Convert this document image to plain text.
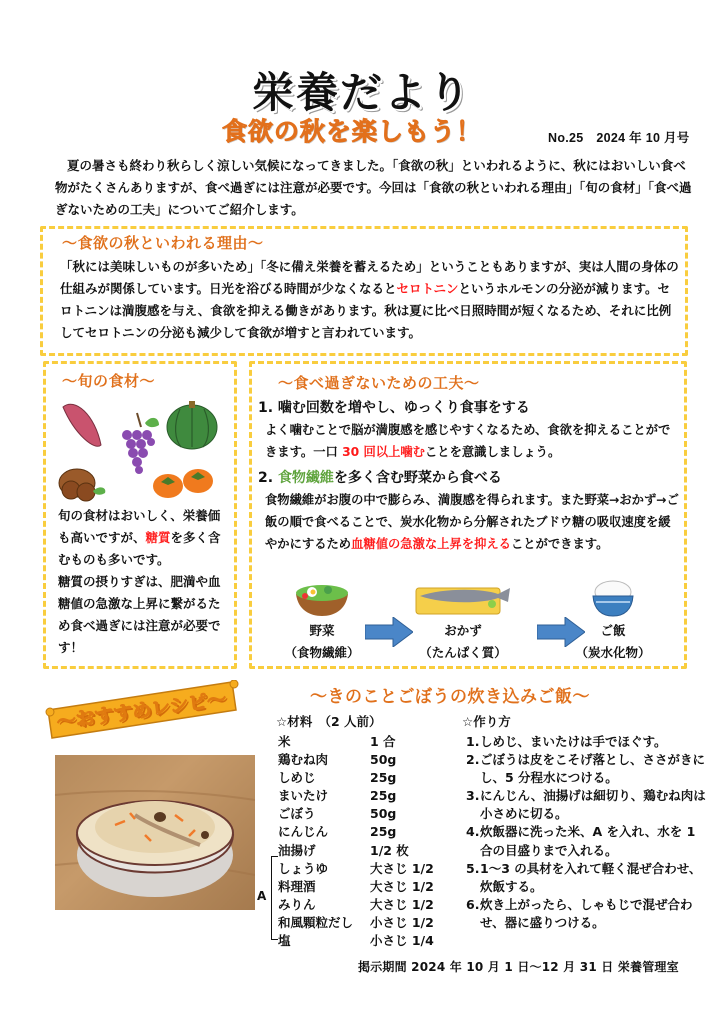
栄養だより
食欲の秋を楽しもう！	No.25　2024 年 10 月号
夏の暑さも終わり秋らしく涼しい気候になってきました。「食欲の秋」といわれるように、秋にはおいしい食べ物がたくさんありますが、食べ過ぎには注意が必要です。今回は「食欲の秋といわれる理由」「旬の食材」「食べ過ぎないための工夫」についてご紹介します。
～食欲の秋といわれる理由～
「秋には美味しいものが多いため」「冬に備え栄養を蓄えるため」ということもありますが、実は人間の身体の仕組みが関係しています。日光を浴びる時間が少なくなるとセロトニンというホルモンの分泌が減ります。セロトニンは満腹感を与え、食欲を抑える働きがあります。秋は夏に比べ日照時間が短くなるため、それに比例してセロトニンの分泌も減少して食欲が増すと言われています。
～旬の食材～
旬の食材はおいしく、栄養価も高いですが、糖質を多く含むものも多いです。
糖質の摂りすぎは、肥満や血糖値の急激な上昇に繋がるため食べ過ぎには注意が必要です！
～食べ過ぎないための工夫～
1. 噛む回数を増やし、ゆっくり食事をする
よく噛むことで脳が満腹感を感じやすくなるため、食欲を抑えることができます。一口 30 回以上噛むことを意識しましょう。
2. 食物繊維を多く含む野菜から食べる
食物繊維がお腹の中で膨らみ、満腹感を得られます。また野菜→おかず→ご飯の順で食べることで、炭水化物から分解されたブドウ糖の吸収速度を緩やかにするため血糖値の急激な上昇を抑えることができます。
野菜
（食物繊維）
おかず
（たんぱく質）
ご飯
（炭水化物）
～おすすめレシピ～	～きのことごぼうの炊き込みご飯～
☆材料　（2 人前）	☆作り方
米	1 合
鶏むね肉	50g
しめじ	25g
まいたけ	25g
ごぼう	50g
にんじん	25g
油揚げ	1/2 枚
しょうゆ	大さじ 1/2
料理酒	大さじ 1/2
みりん	大さじ 1/2
和風顆粒だし	小さじ 1/2
塩	小さじ 1/4
A
1. しめじ、まいたけは手でほぐす。
2. ごぼうは皮をこそげ落とし、ささがきにし、5 分程水につける。
3. にんじん、油揚げは細切り、鶏むね肉は小さめに切る。
4. 炊飯器に洗った米、A を入れ、水を 1 合の目盛りまで入れる。
5. 1～3 の具材を入れて軽く混ぜ合わせ、炊飯する。
6. 炊き上がったら、しゃもじで混ぜ合わせ、器に盛りつける。
掲示期間 2024 年 10 月 1 日～12 月 31 日 栄養管理室
